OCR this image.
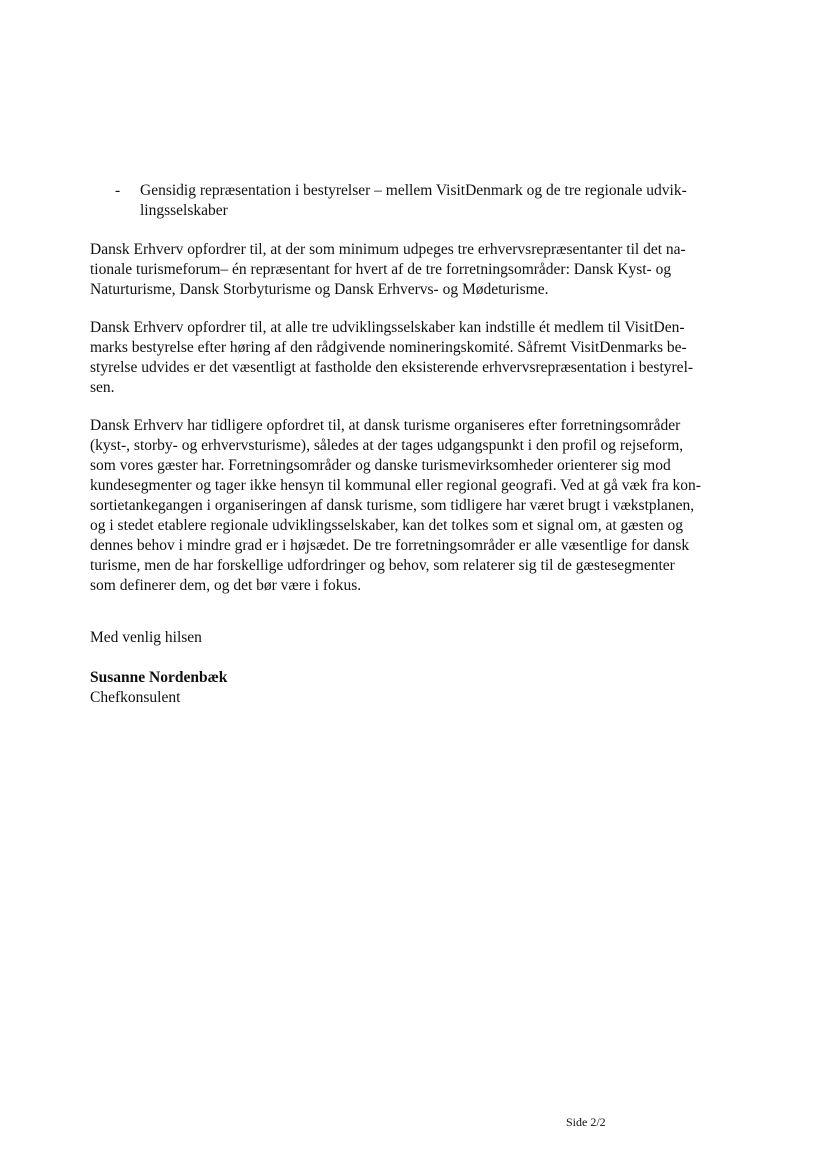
- Gensidig repræsentation i bestyrelser – mellem VisitDenmark og de tre regionale udvik-
lingsselskaber
Dansk Erhverv opfordrer til, at der som minimum udpeges tre erhvervsrepræsentanter til det na-
tionale turismeforum– én repræsentant for hvert af de tre forretningsområder: Dansk Kyst- og
Naturturisme, Dansk Storbyturisme og Dansk Erhvervs- og Mødeturisme.
Dansk Erhverv opfordrer til, at alle tre udviklingsselskaber kan indstille ét medlem til VisitDen-
marks bestyrelse efter høring af den rådgivende nomineringskomité. Såfremt VisitDenmarks be-
styrelse udvides er det væsentligt at fastholde den eksisterende erhvervsrepræsentation i bestyrel-
sen.
Dansk Erhverv har tidligere opfordret til, at dansk turisme organiseres efter forretningsområder
(kyst-, storby- og erhvervsturisme), således at der tages udgangspunkt i den profil og rejseform,
som vores gæster har. Forretningsområder og danske turismevirksomheder orienterer sig mod
kundesegmenter og tager ikke hensyn til kommunal eller regional geografi. Ved at gå væk fra kon-
sortietankegangen i organiseringen af dansk turisme, som tidligere har været brugt i vækstplanen,
og i stedet etablere regionale udviklingsselskaber, kan det tolkes som et signal om, at gæsten og
dennes behov i mindre grad er i højsædet. De tre forretningsområder er alle væsentlige for dansk
turisme, men de har forskellige udfordringer og behov, som relaterer sig til de gæstesegmenter
som definerer dem, og det bør være i fokus.
Med venlig hilsen
Susanne Nordenbæk
Chefkonsulent
Side 2/2
